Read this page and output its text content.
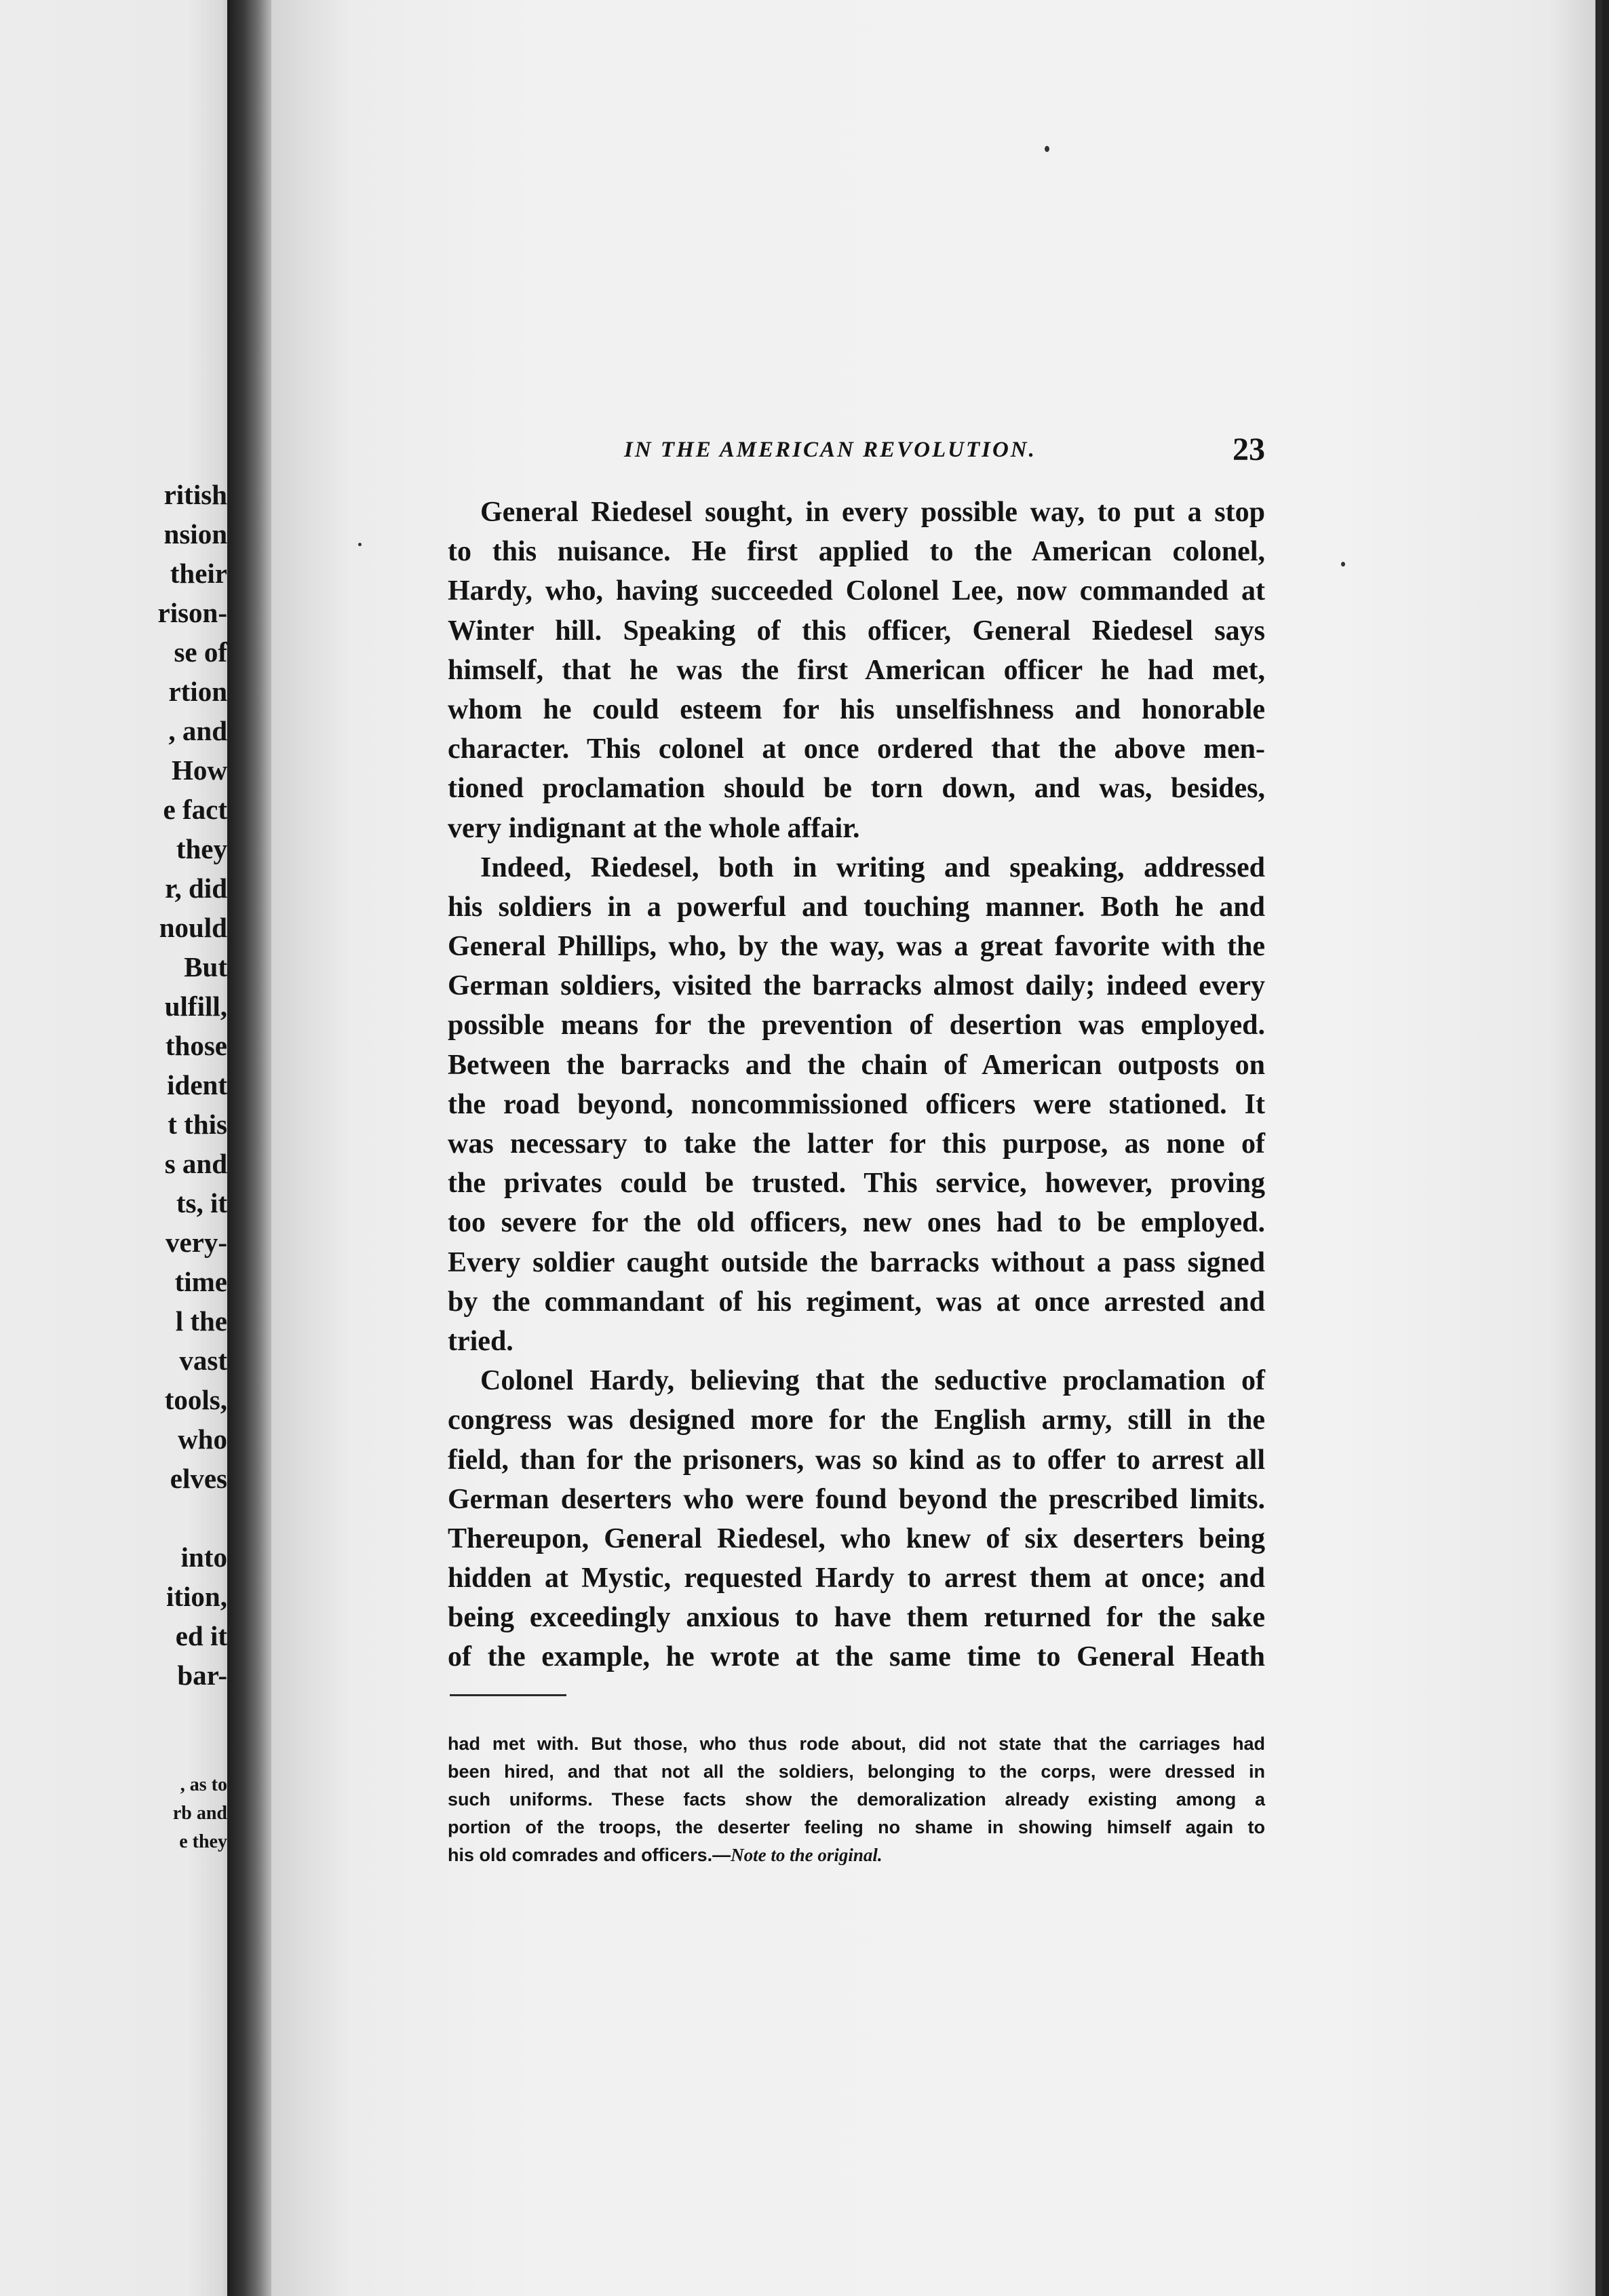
ritish
nsion
their
rison-
se of
rtion
, and
How
e fact
they
r, did
nould
But
ulfill,
those
ident
t this
s and
ts, it
very-
time
l the
vast
tools,
who
elves
into
ition,
ed it
bar-
, as to
rb and
e they
IN THE AMERICAN REVOLUTION.	23
General Riedesel sought, in every possible way, to put a stop
to this nuisance. He first applied to the American colonel,
Hardy, who, having succeeded Colonel Lee, now commanded at
Winter hill. Speaking of this officer, General Riedesel says
himself, that he was the first American officer he had met,
whom he could esteem for his unselfishness and honorable
character. This colonel at once ordered that the above men-
tioned proclamation should be torn down, and was, besides,
very indignant at the whole affair.
Indeed, Riedesel, both in writing and speaking, addressed
his soldiers in a powerful and touching manner. Both he and
General Phillips, who, by the way, was a great favorite with the
German soldiers, visited the barracks almost daily; indeed every
possible means for the prevention of desertion was employed.
Between the barracks and the chain of American outposts on
the road beyond, noncommissioned officers were stationed. It
was necessary to take the latter for this purpose, as none of
the privates could be trusted. This service, however, proving
too severe for the old officers, new ones had to be employed.
Every soldier caught outside the barracks without a pass signed
by the commandant of his regiment, was at once arrested and
tried.
Colonel Hardy, believing that the seductive proclamation of
congress was designed more for the English army, still in the
field, than for the prisoners, was so kind as to offer to arrest all
German deserters who were found beyond the prescribed limits.
Thereupon, General Riedesel, who knew of six deserters being
hidden at Mystic, requested Hardy to arrest them at once; and
being exceedingly anxious to have them returned for the sake
of the example, he wrote at the same time to General Heath
had met with. But those, who thus rode about, did not state that the carriages had
been hired, and that not all the soldiers, belonging to the corps, were dressed in
such uniforms. These facts show the demoralization already existing among a
portion of the troops, the deserter feeling no shame in showing himself again to
his old comrades and officers.—Note to the original.
